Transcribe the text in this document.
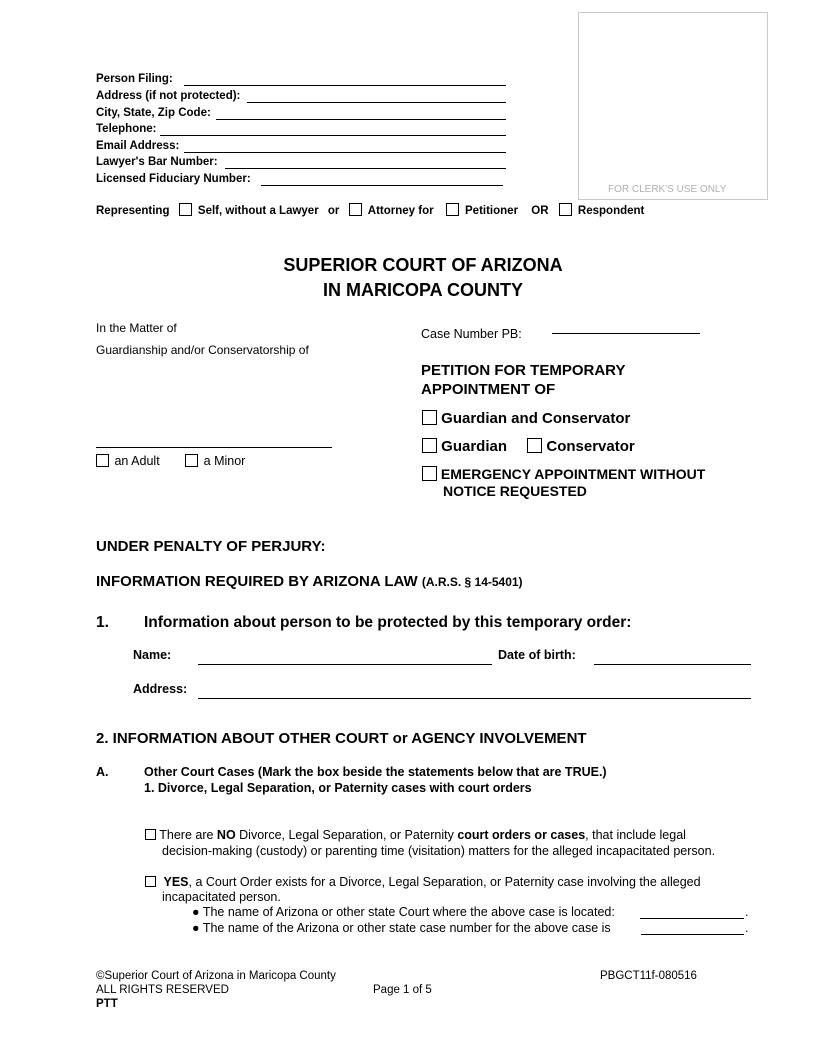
FOR CLERK'S USE ONLY
Person Filing:
Address (if not protected):
City, State, Zip Code:
Telephone:
Email Address:
Lawyer's Bar Number:
Licensed Fiduciary Number:
Representing Self, without a Lawyer or Attorney for	Petitioner OR	Respondent
SUPERIOR COURT OF ARIZONA
IN MARICOPA COUNTY
In the Matter of
Guardianship and/or Conservatorship of
an Adult	a Minor
Case Number PB:
PETITION FOR TEMPORARY
APPOINTMENT OF
Guardian and Conservator
Guardian	Conservator
EMERGENCY APPOINTMENT WITHOUT
NOTICE REQUESTED
UNDER PENALTY OF PERJURY:
INFORMATION REQUIRED BY ARIZONA LAW (A.R.S. § 14-5401)
1. Information about person to be protected by this temporary order:
Name:	Date of birth:
Address:
2. INFORMATION ABOUT OTHER COURT or AGENCY INVOLVEMENT
A.	Other Court Cases (Mark the box beside the statements below that are TRUE.)
1. Divorce, Legal Separation, or Paternity cases with court orders
There are NO Divorce, Legal Separation, or Paternity court orders or cases, that include legal
decision-making (custody) or parenting time (visitation) matters for the alleged incapacitated person.
YES, a Court Order exists for a Divorce, Legal Separation, or Paternity case involving the alleged
incapacitated person.
● The name of Arizona or other state Court where the above case is located:	.
● The name of the Arizona or other state case number for the above case is	.
©Superior Court of Arizona in Maricopa County
ALL RIGHTS RESERVED
PTT
Page 1 of 5
PBGCT11f-080516
